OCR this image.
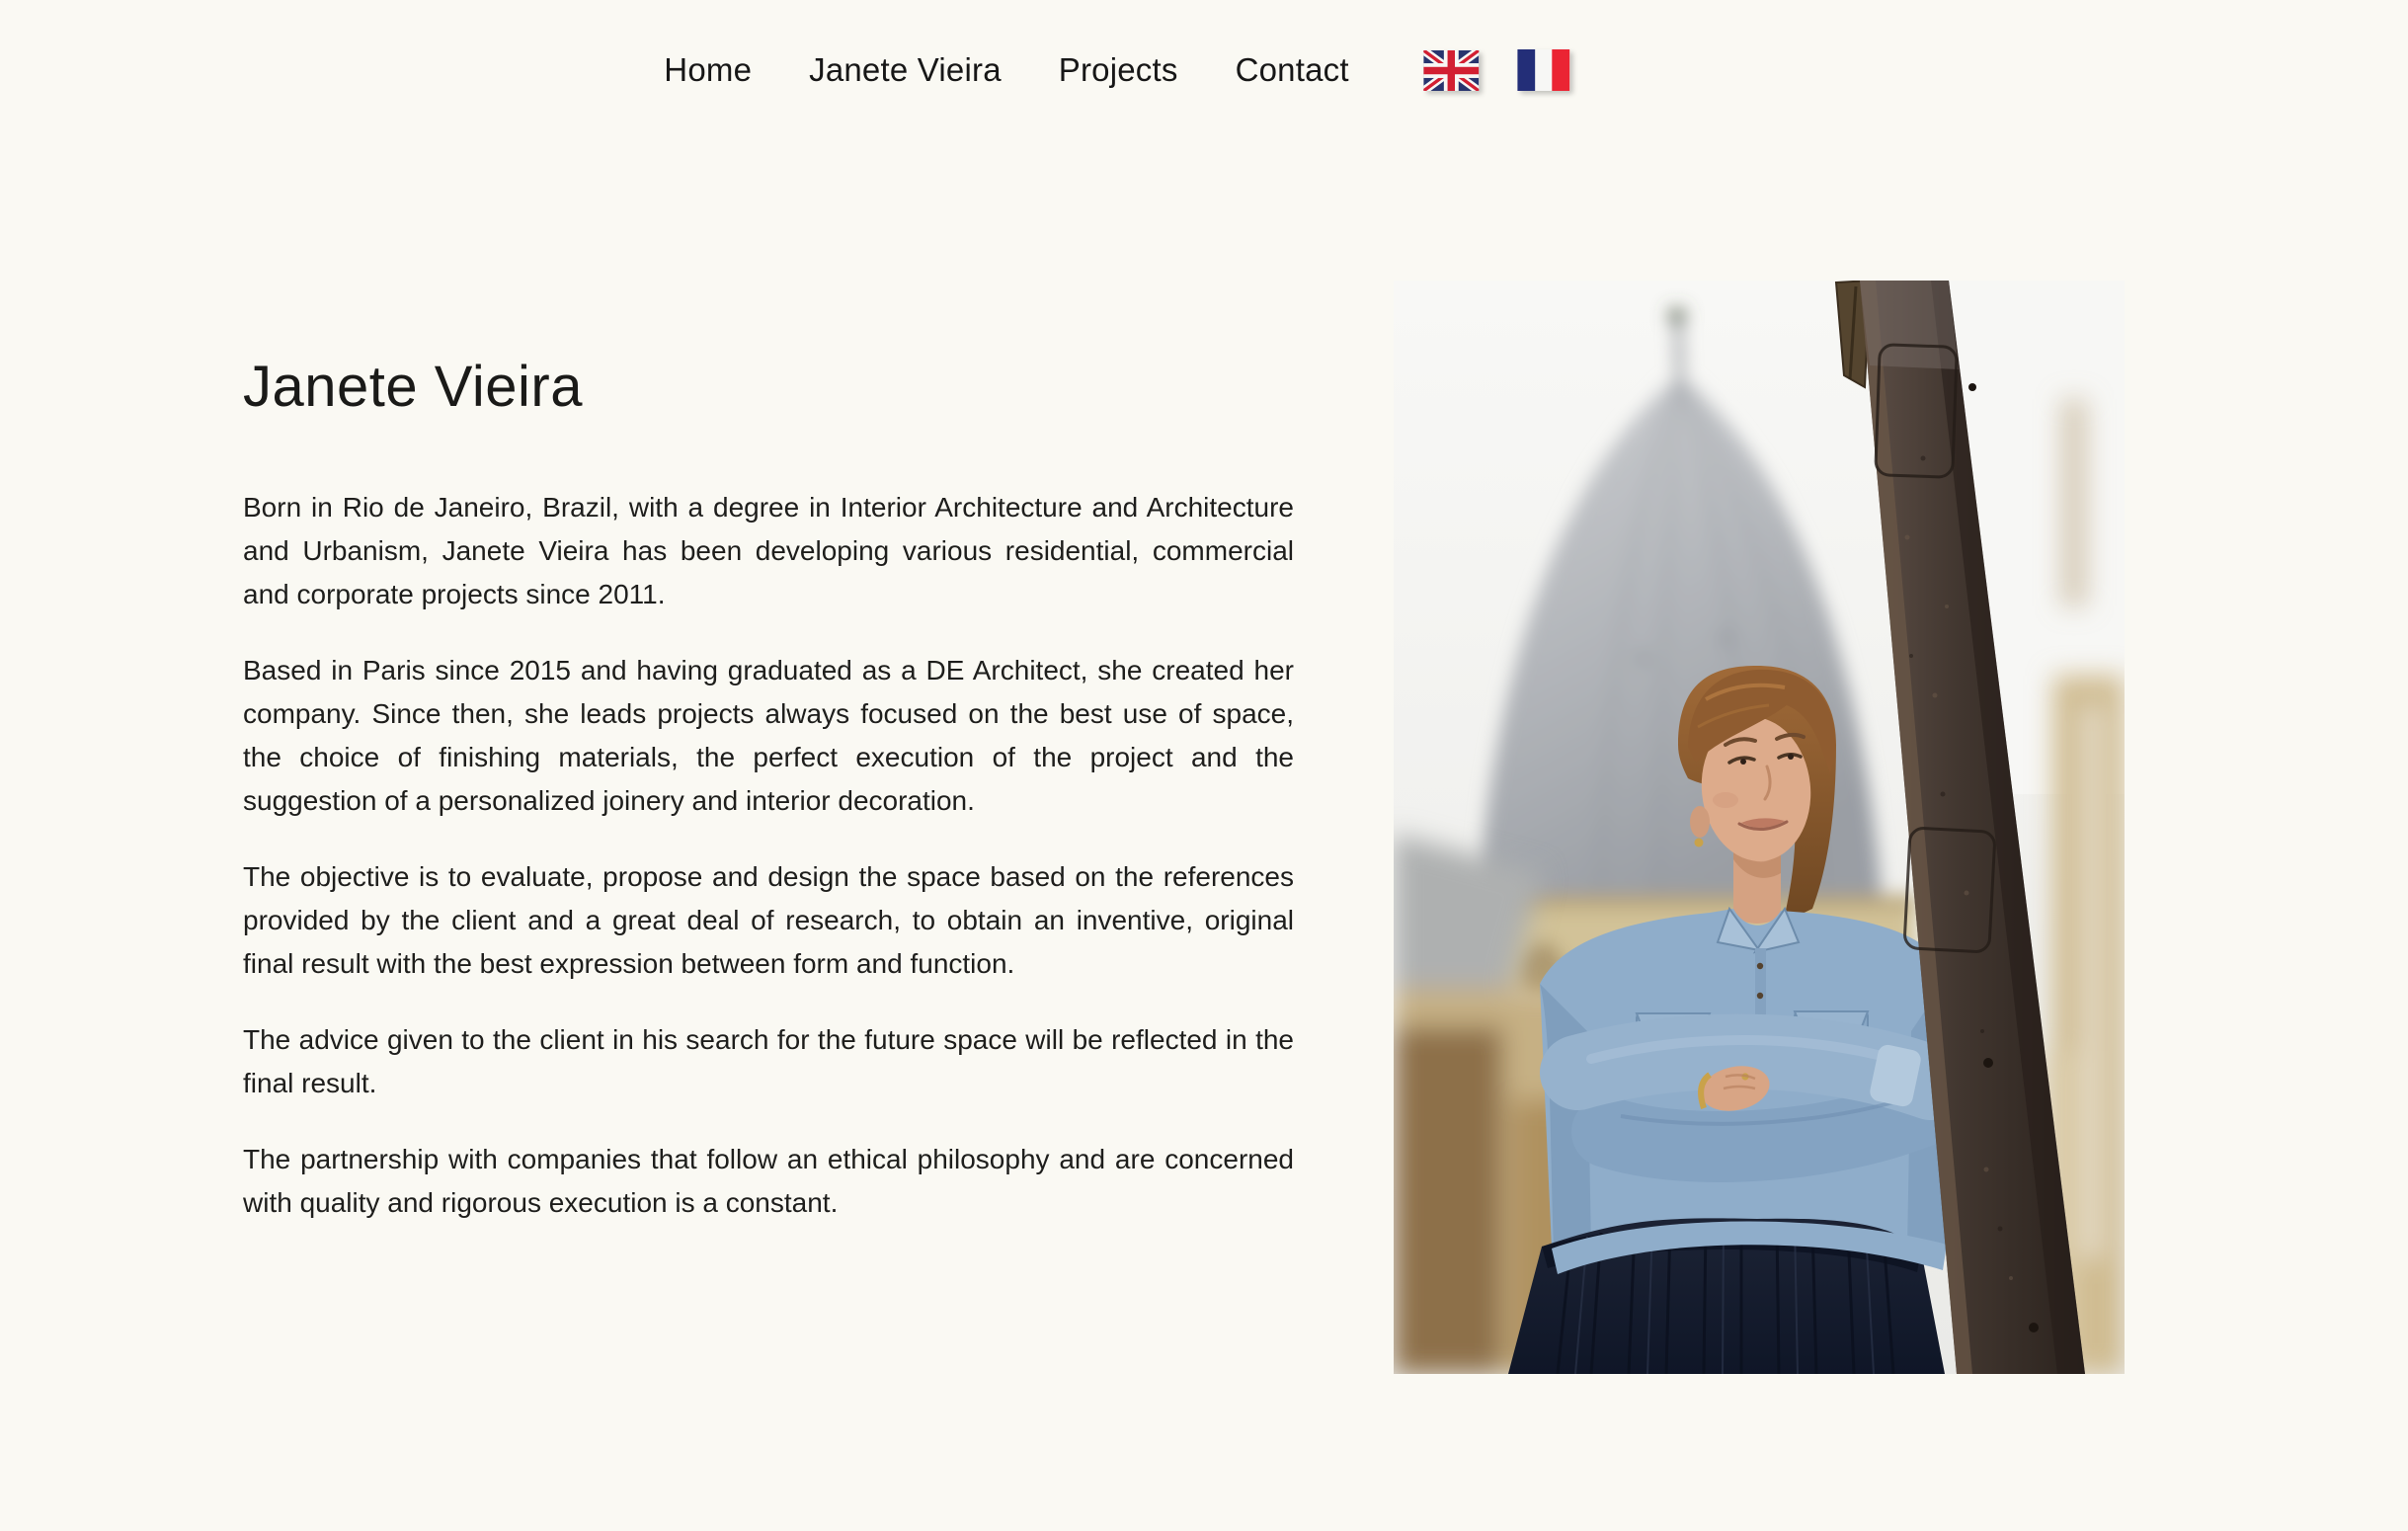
Home Janete Vieira Projects Contact
Janete Vieira

Born in Rio de Janeiro, Brazil, with a degree in Interior Architecture and Architecture and Urbanism, Janete Vieira has been developing various residential, commercial and corporate projects since 2011.

Based in Paris since 2015 and having graduated as a DE Architect, she created her company. Since then, she leads projects always focused on the best use of space, the choice of finishing materials, the perfect execution of the project and the suggestion of a personalized joinery and interior decoration.

The objective is to evaluate, propose and design the space based on the references provided by the client and a great deal of research, to obtain an inventive, original final result with the best expression between form and function.

The advice given to the client in his search for the future space will be reflected in the final result.

The partnership with companies that follow an ethical philosophy and are concerned with quality and rigorous execution is a constant.
